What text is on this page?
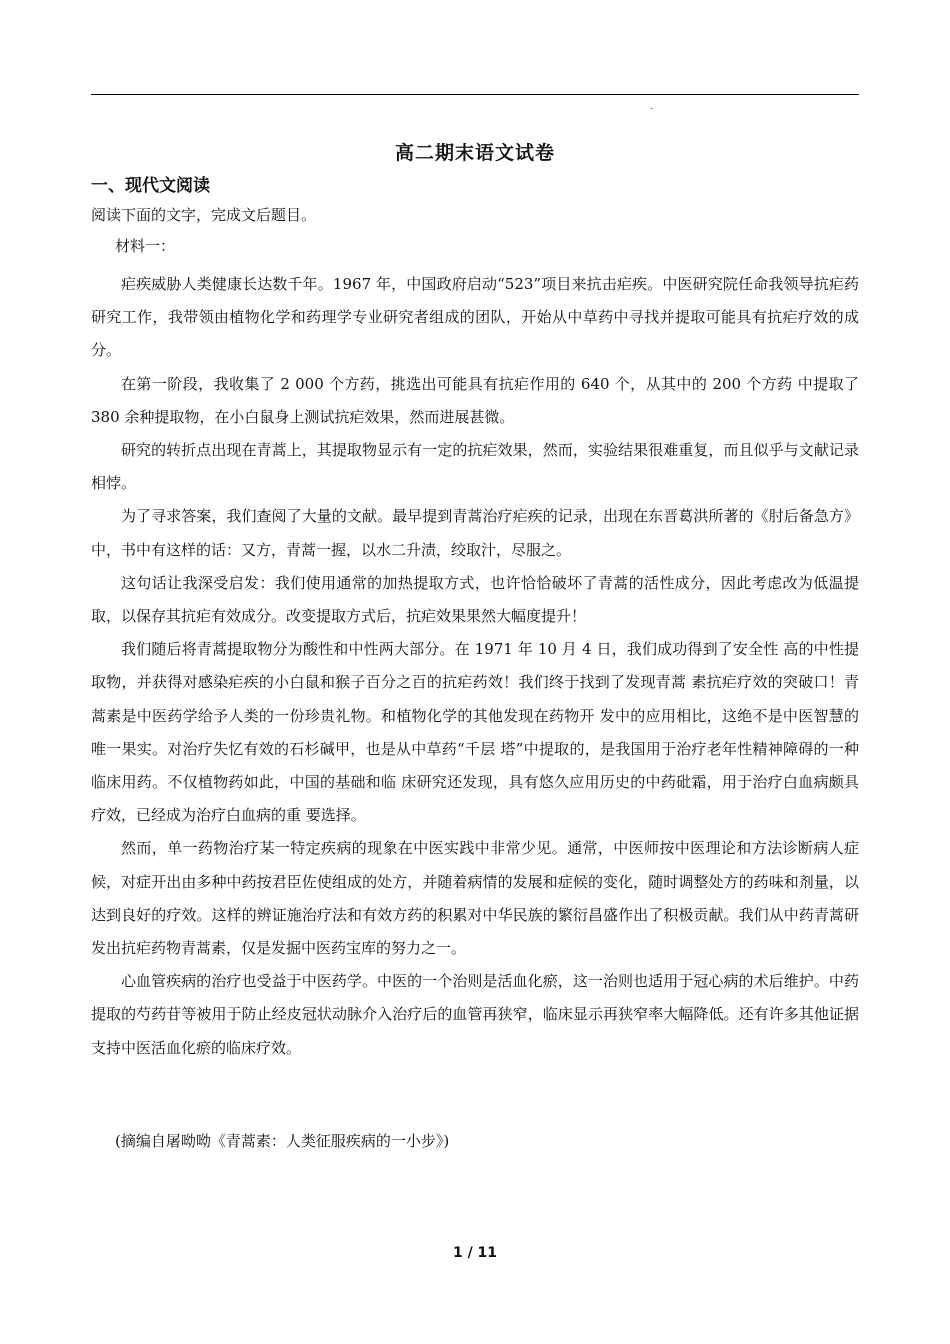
-
高二期末语文试卷
一、现代文阅读
阅读下面的文字，完成文后题目。
材料一：

疟疾威胁人类健康长达数千年。1967 年，中国政府启动“523”项目来抗击疟疾。中医研究院任命我领导抗疟药研究工作，我带领由植物化学和药理学专业研究者组成的团队，开始从中草药中寻找并提取可能具有抗疟疗效的成分。

在第一阶段，我收集了 2 000 个方药，挑选出可能具有抗疟作用的 640 个，从其中的 200 个方药 中提取了 380 余种提取物，在小白鼠身上测试抗疟效果，然而进展甚微。

研究的转折点出现在青蒿上，其提取物显示有一定的抗疟效果，然而，实验结果很难重复，而且似乎与文献记录相悖。

为了寻求答案，我们查阅了大量的文献。最早提到青蒿治疗疟疾的记录，出现在东晋葛洪所著的《肘后备急方》中，书中有这样的话：又方，青蒿一握，以水二升渍，绞取汁，尽服之。

这句话让我深受启发：我们使用通常的加热提取方式，也许恰恰破坏了青蒿的活性成分，因此考虑改为低温提取，以保存其抗疟有效成分。改变提取方式后，抗疟效果果然大幅度提升！

我们随后将青蒿提取物分为酸性和中性两大部分。在 1971 年 10 月 4 日，我们成功得到了安全性 高的中性提取物，并获得对感染疟疾的小白鼠和猴子百分之百的抗疟药效！我们终于找到了发现青蒿 素抗疟疗效的突破口！青蒿素是中医药学给予人类的一份珍贵礼物。和植物化学的其他发现在药物开 发中的应用相比，这绝不是中医智慧的唯一果实。对治疗失忆有效的石杉碱甲，也是从中草药“千层 塔”中提取的，是我国用于治疗老年性精神障碍的一种临床用药。不仅植物药如此，中国的基础和临 床研究还发现，具有悠久应用历史的中药砒霜，用于治疗白血病颇具疗效，已经成为治疗白血病的重 要选择。

然而，单一药物治疗某一特定疾病的现象在中医实践中非常少见。通常，中医师按中医理论和方法诊断病人症候，对症开出由多种中药按君臣佐使组成的处方，并随着病情的发展和症候的变化，随时调整处方的药味和剂量，以达到良好的疗效。这样的辨证施治疗法和有效方药的积累对中华民族的繁衍昌盛作出了积极贡献。我们从中药青蒿研发出抗疟药物青蒿素，仅是发掘中医药宝库的努力之一。

心血管疾病的治疗也受益于中医药学。中医的一个治则是活血化瘀，这一治则也适用于冠心病的术后维护。中药提取的芍药苷等被用于防止经皮冠状动脉介入治疗后的血管再狭窄，临床显示再狭窄率大幅降低。还有许多其他证据支持中医活血化瘀的临床疗效。

(摘编自屠呦呦《青蒿素：人类征服疾病的一小步》)
1 / 11
